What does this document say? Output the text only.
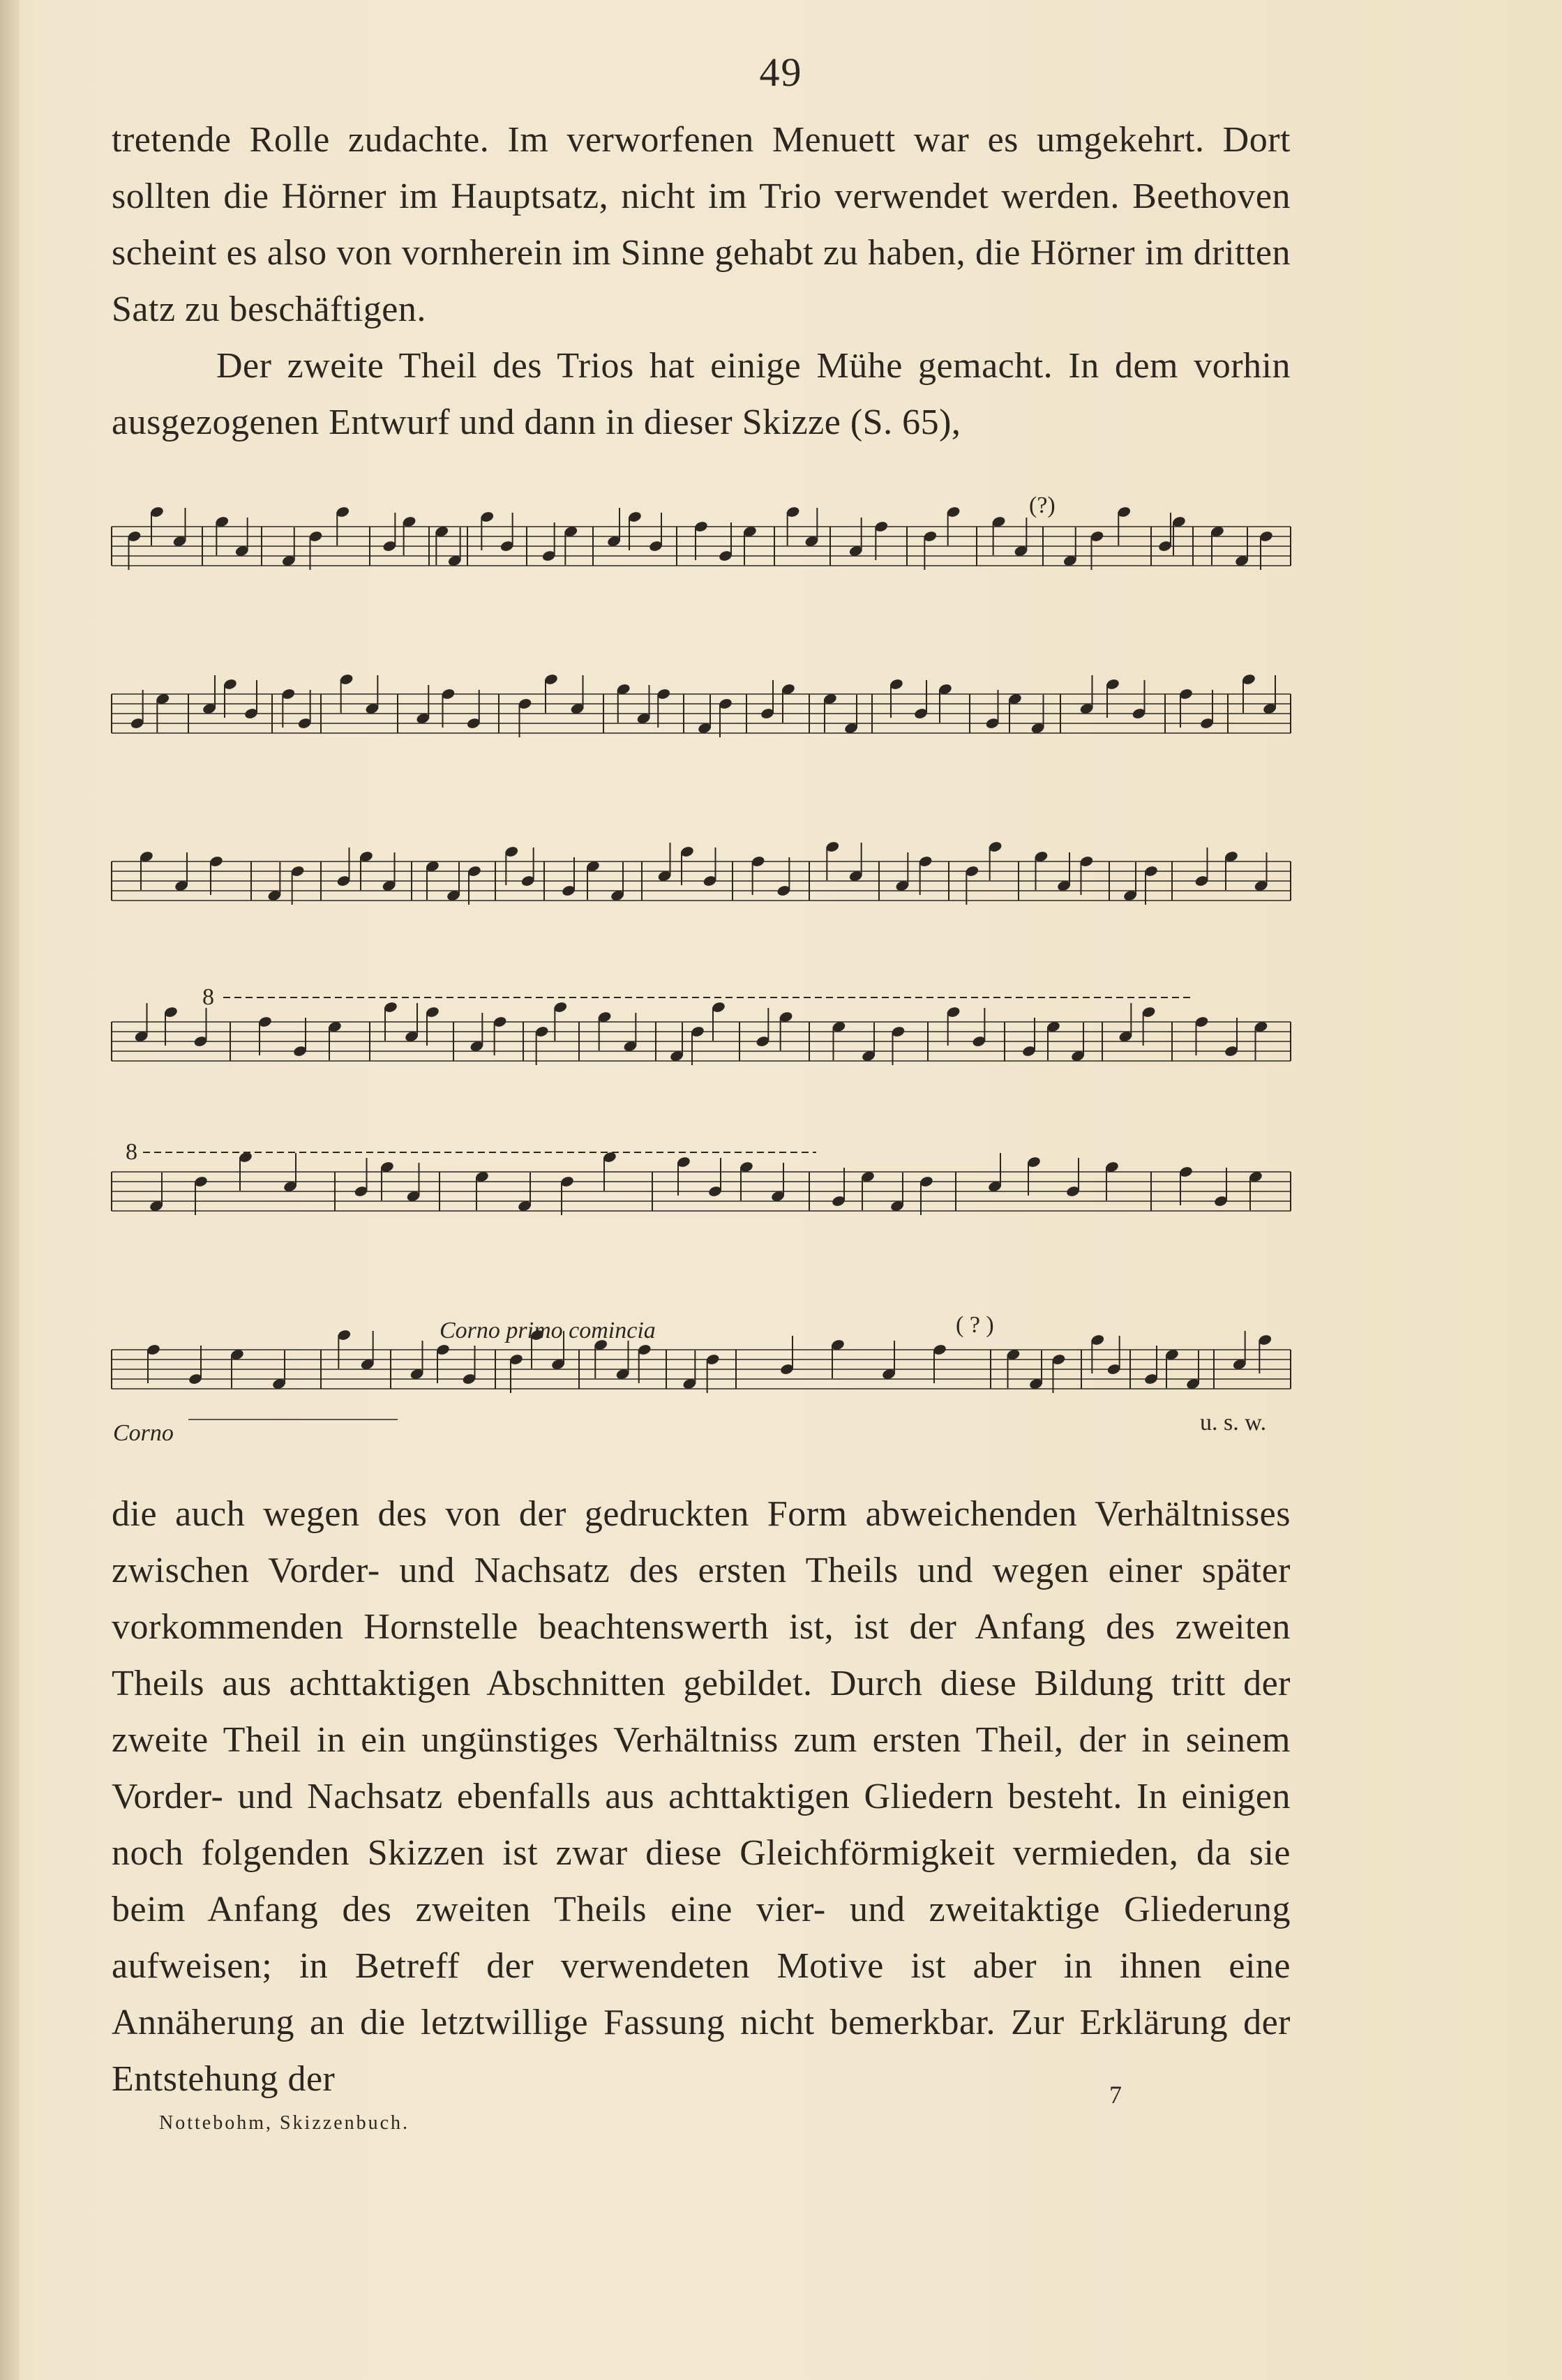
49

tretende Rolle zudachte. Im verworfenen Menuett war es umgekehrt. Dort sollten die Hörner im Hauptsatz, nicht im Trio verwendet werden. Beethoven scheint es also von vornherein im Sinne gehabt zu haben, die Hörner im dritten Satz zu beschäftigen.

Der zweite Theil des Trios hat einige Mühe gemacht. In dem vorhin ausgezogenen Entwurf und dann in dieser Skizze (S. 65),

(?)
8
8
Corno primo comincia	( ? )
Corno	u. s. w.

die auch wegen des von der gedruckten Form abweichenden Verhältnisses zwischen Vorder- und Nachsatz des ersten Theils und wegen einer später vorkommenden Hornstelle beachtenswerth ist, ist der Anfang des zweiten Theils aus achttaktigen Abschnitten gebildet. Durch diese Bildung tritt der zweite Theil in ein ungünstiges Verhältniss zum ersten Theil, der in seinem Vorder- und Nachsatz ebenfalls aus achttaktigen Gliedern besteht. In einigen noch folgenden Skizzen ist zwar diese Gleichförmigkeit vermieden, da sie beim Anfang des zweiten Theils eine vier- und zweitaktige Gliederung aufweisen; in Betreff der verwendeten Motive ist aber in ihnen eine Annäherung an die letztwillige Fassung nicht bemerkbar. Zur Erklärung der Entstehung der	7
Nottebohm, Skizzenbuch.
